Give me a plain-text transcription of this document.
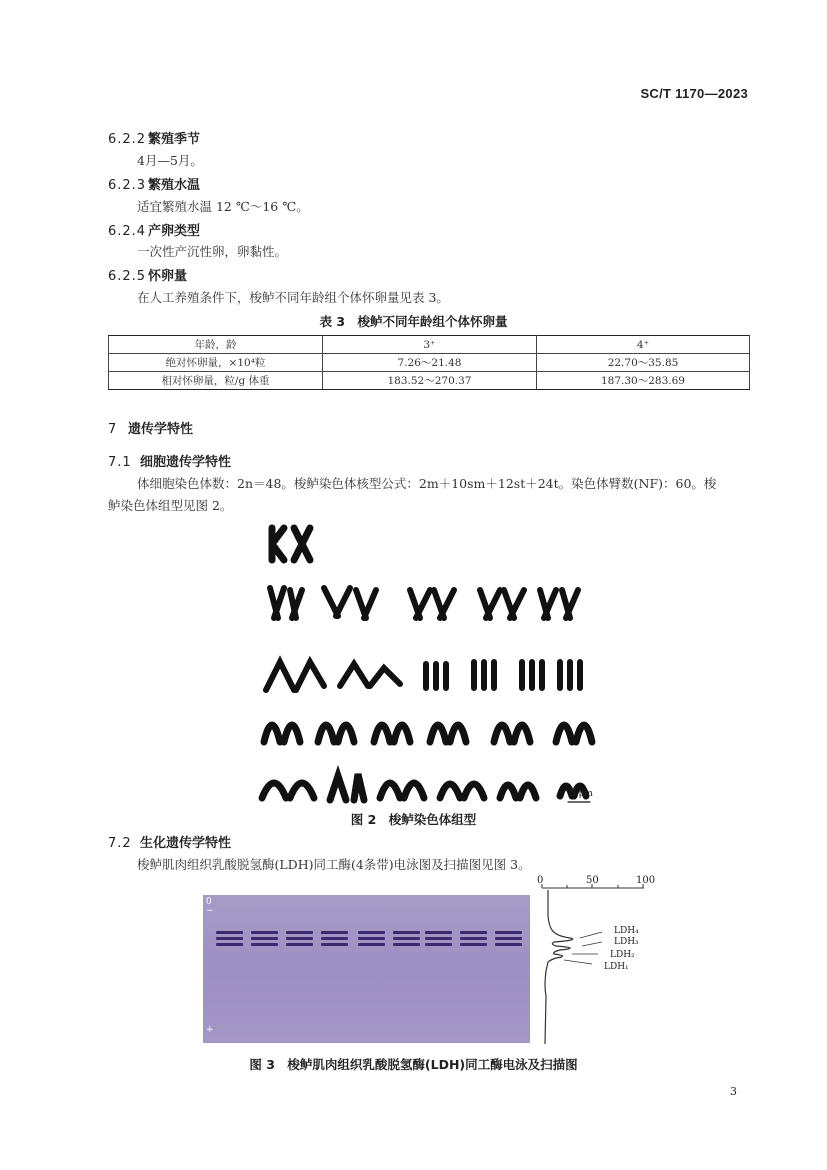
SC/T 1170—2023
6.2.2 繁殖季节
4月—5月。
6.2.3 繁殖水温
适宜繁殖水温 12 ℃～16 ℃。
6.2.4 产卵类型
一次性产沉性卵，卵黏性。
6.2.5 怀卵量
在人工养殖条件下，梭鲈不同年龄组个体怀卵量见表 3。
表 3　梭鲈不同年龄组个体怀卵量
年龄，龄	3⁺	4⁺
绝对怀卵量，×10⁴粒	7.26～21.48	22.70～35.85
相对怀卵量，粒/g 体重	183.52～270.37	187.30～283.69
7 遗传学特性
7.1 细胞遗传学特性
体细胞染色体数：2n＝48。梭鲈染色体核型公式：2m＋10sm＋12st＋24t。染色体臂数(NF)：60。梭
鲈染色体组型见图 2。
5 μm
图 2　梭鲈染色体组型
7.2 生化遗传学特性
梭鲈肌肉组织乳酸脱氢酶(LDH)同工酶(4条带)电泳图及扫描图见图 3。
0
−
+
0	50	100
LDH₄
LDH₃
LDH₂
LDH₁
图 3　梭鲈肌肉组织乳酸脱氢酶(LDH)同工酶电泳及扫描图
3
